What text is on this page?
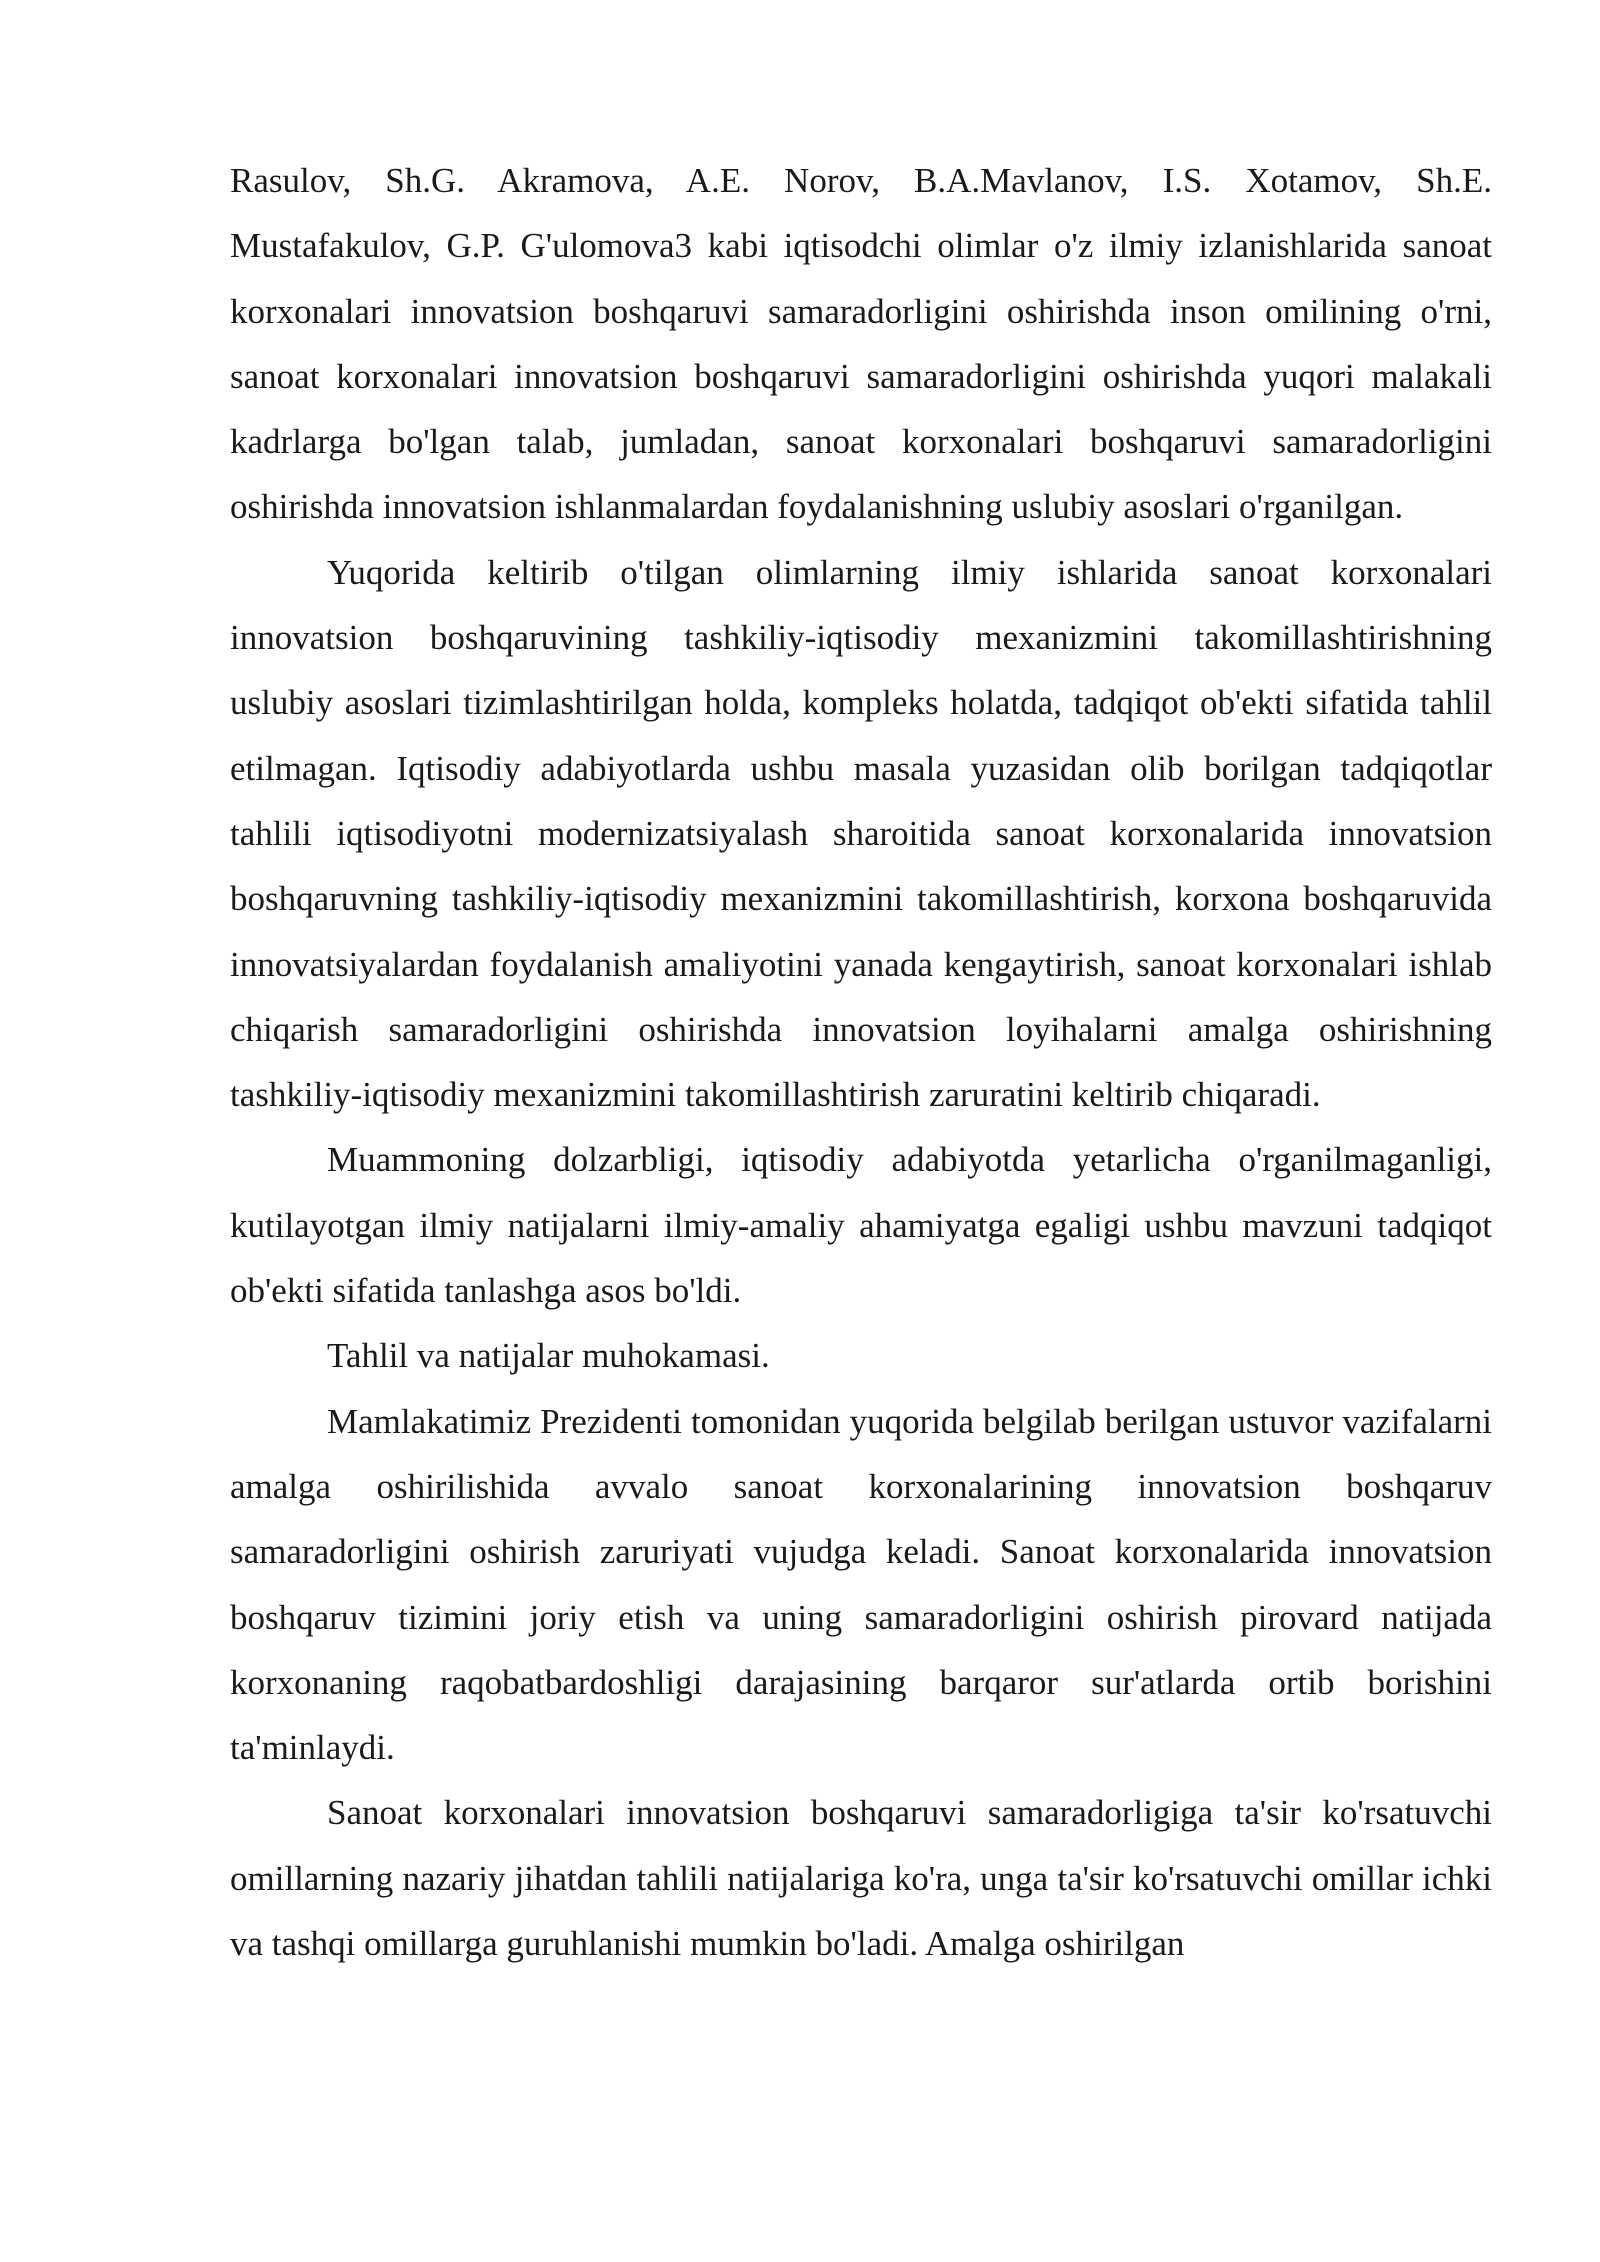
Rasulov, Sh.G. Akramova, A.E. Norov, B.A.Mavlanov, I.S. Xotamov, Sh.E. Mustafakulov, G.P. G'ulomova3 kabi iqtisodchi olimlar o'z ilmiy izlanishlarida sanoat korxonalari innovatsion boshqaruvi samaradorligini oshirishda inson omilining o'rni, sanoat korxonalari innovatsion boshqaruvi samaradorligini oshirishda yuqori malakali kadrlarga bo'lgan talab, jumladan, sanoat korxonalari boshqaruvi samaradorligini oshirishda innovatsion ishlanmalardan foydalanishning uslubiy asoslari o'rganilgan.

Yuqorida keltirib o'tilgan olimlarning ilmiy ishlarida sanoat korxonalari innovatsion boshqaruvining tashkiliy-iqtisodiy mexanizmini takomillashtirishning uslubiy asoslari tizimlashtirilgan holda, kompleks holatda, tadqiqot ob'ekti sifatida tahlil etilmagan. Iqtisodiy adabiyotlarda ushbu masala yuzasidan olib borilgan tadqiqotlar tahlili iqtisodiyotni modernizatsiyalash sharoitida sanoat korxonalarida innovatsion boshqaruvning tashkiliy-iqtisodiy mexanizmini takomillashtirish, korxona boshqaruvida innovatsiyalardan foydalanish amaliyotini yanada kengaytirish, sanoat korxonalari ishlab chiqarish samaradorligini oshirishda innovatsion loyihalarni amalga oshirishning tashkiliy-iqtisodiy mexanizmini takomillashtirish zaruratini keltirib chiqaradi.

Muammoning dolzarbligi, iqtisodiy adabiyotda yetarlicha o'rganilmaganligi, kutilayotgan ilmiy natijalarni ilmiy-amaliy ahamiyatga egaligi ushbu mavzuni tadqiqot ob'ekti sifatida tanlashga asos bo'ldi.

Tahlil va natijalar muhokamasi.

Mamlakatimiz Prezidenti tomonidan yuqorida belgilab berilgan ustuvor vazifalarni amalga oshirilishida avvalo sanoat korxonalarining innovatsion boshqaruv samaradorligini oshirish zaruriyati vujudga keladi. Sanoat korxonalarida innovatsion boshqaruv tizimini joriy etish va uning samaradorligini oshirish pirovard natijada korxonaning raqobatbardoshligi darajasining barqaror sur'atlarda ortib borishini ta'minlaydi.

Sanoat korxonalari innovatsion boshqaruvi samaradorligiga ta'sir ko'rsatuvchi omillarning nazariy jihatdan tahlili natijalariga ko'ra, unga ta'sir ko'rsatuvchi omillar ichki va tashqi omillarga guruhlanishi mumkin bo'ladi. Amalga oshirilgan
